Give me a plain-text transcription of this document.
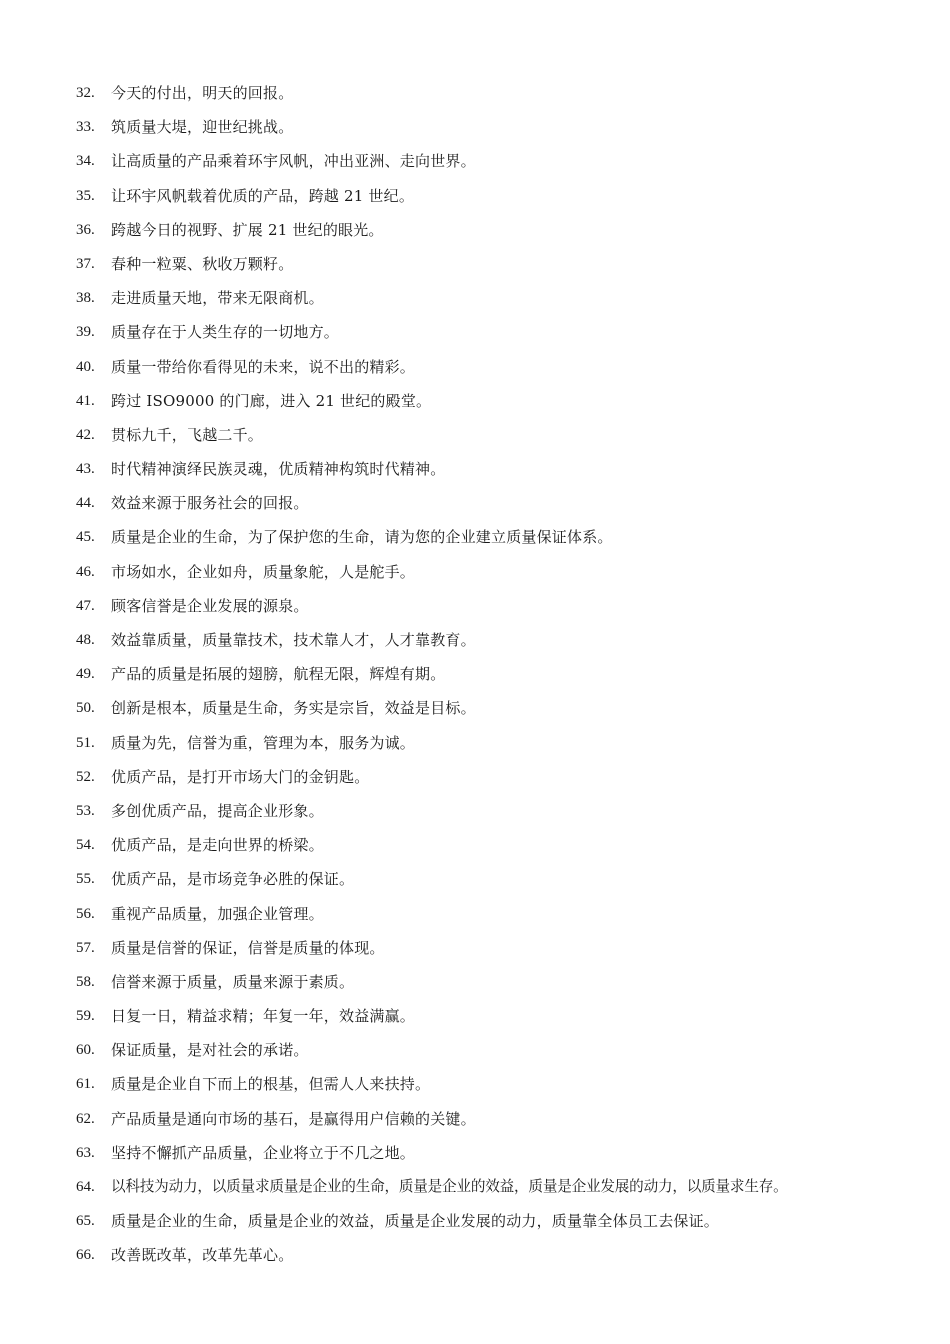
32.	今天的付出，明天的回报。
33.	筑质量大堤，迎世纪挑战。
34.	让高质量的产品乘着环宇风帆，冲出亚洲、走向世界。
35.	让环宇风帆载着优质的产品，跨越 21 世纪。
36.	跨越今日的视野、扩展 21 世纪的眼光。
37.	春种一粒粟、秋收万颗籽。
38.	走进质量天地，带来无限商机。
39.	质量存在于人类生存的一切地方。
40.	质量一带给你看得见的未来，说不出的精彩。
41.	跨过 ISO9000 的门廊，进入 21 世纪的殿堂。
42.	贯标九千，飞越二千。
43.	时代精神演绎民族灵魂，优质精神构筑时代精神。
44.	效益来源于服务社会的回报。
45.	质量是企业的生命，为了保护您的生命，请为您的企业建立质量保证体系。
46.	市场如水，企业如舟，质量象舵，人是舵手。
47.	顾客信誉是企业发展的源泉。
48.	效益靠质量，质量靠技术，技术靠人才，人才靠教育。
49.	产品的质量是拓展的翅膀，航程无限，辉煌有期。
50.	创新是根本，质量是生命，务实是宗旨，效益是目标。
51.	质量为先，信誉为重，管理为本，服务为诚。
52.	优质产品，是打开市场大门的金钥匙。
53.	多创优质产品，提高企业形象。
54.	优质产品，是走向世界的桥梁。
55.	优质产品，是市场竞争必胜的保证。
56.	重视产品质量，加强企业管理。
57.	质量是信誉的保证，信誉是质量的体现。
58.	信誉来源于质量，质量来源于素质。
59.	日复一日，精益求精；年复一年，效益满赢。
60.	保证质量，是对社会的承诺。
61.	质量是企业自下而上的根基，但需人人来扶持。
62.	产品质量是通向市场的基石，是赢得用户信赖的关键。
63.	坚持不懈抓产品质量，企业将立于不几之地。
64.	以科技为动力，以质量求质量是企业的生命，质量是企业的效益，质量是企业发展的动力，以质量求生存。
65.	质量是企业的生命，质量是企业的效益，质量是企业发展的动力，质量靠全体员工去保证。
66.	改善既改革，改革先革心。
